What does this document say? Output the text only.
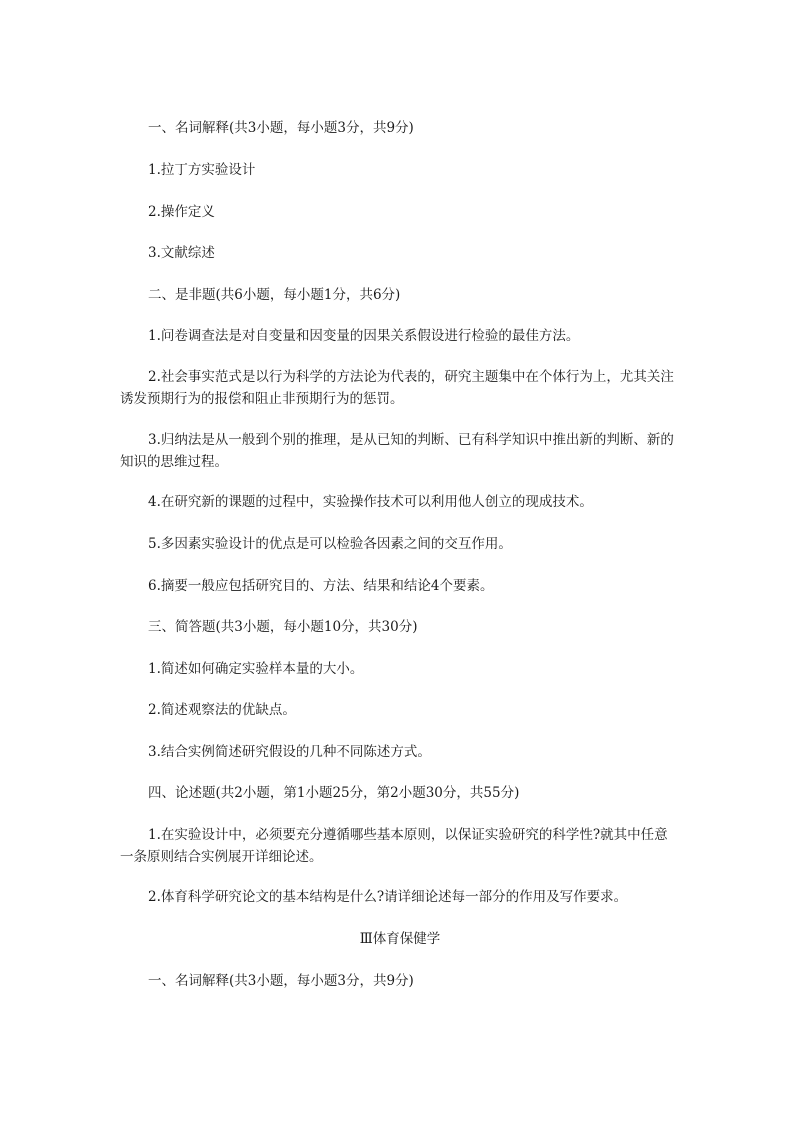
一、名词解释(共3小题，每小题3分，共9分)

1.拉丁方实验设计

2.操作定义

3.文献综述

二、是非题(共6小题，每小题1分，共6分)

1.问卷调查法是对自变量和因变量的因果关系假设进行检验的最佳方法。

2.社会事实范式是以行为科学的方法论为代表的，研究主题集中在个体行为上，尤其关注诱发预期行为的报偿和阻止非预期行为的惩罚。

3.归纳法是从一般到个别的推理，是从已知的判断、已有科学知识中推出新的判断、新的知识的思维过程。

4.在研究新的课题的过程中，实验操作技术可以利用他人创立的现成技术。

5.多因素实验设计的优点是可以检验各因素之间的交互作用。

6.摘要一般应包括研究目的、方法、结果和结论4个要素。

三、简答题(共3小题，每小题10分，共30分)

1.简述如何确定实验样本量的大小。

2.简述观察法的优缺点。

3.结合实例简述研究假设的几种不同陈述方式。

四、论述题(共2小题，第1小题25分，第2小题30分，共55分)

1.在实验设计中，必须要充分遵循哪些基本原则，以保证实验研究的科学性?就其中任意一条原则结合实例展开详细论述。

2.体育科学研究论文的基本结构是什么?请详细论述每一部分的作用及写作要求。

Ⅲ体育保健学

一、名词解释(共3小题，每小题3分，共9分)
